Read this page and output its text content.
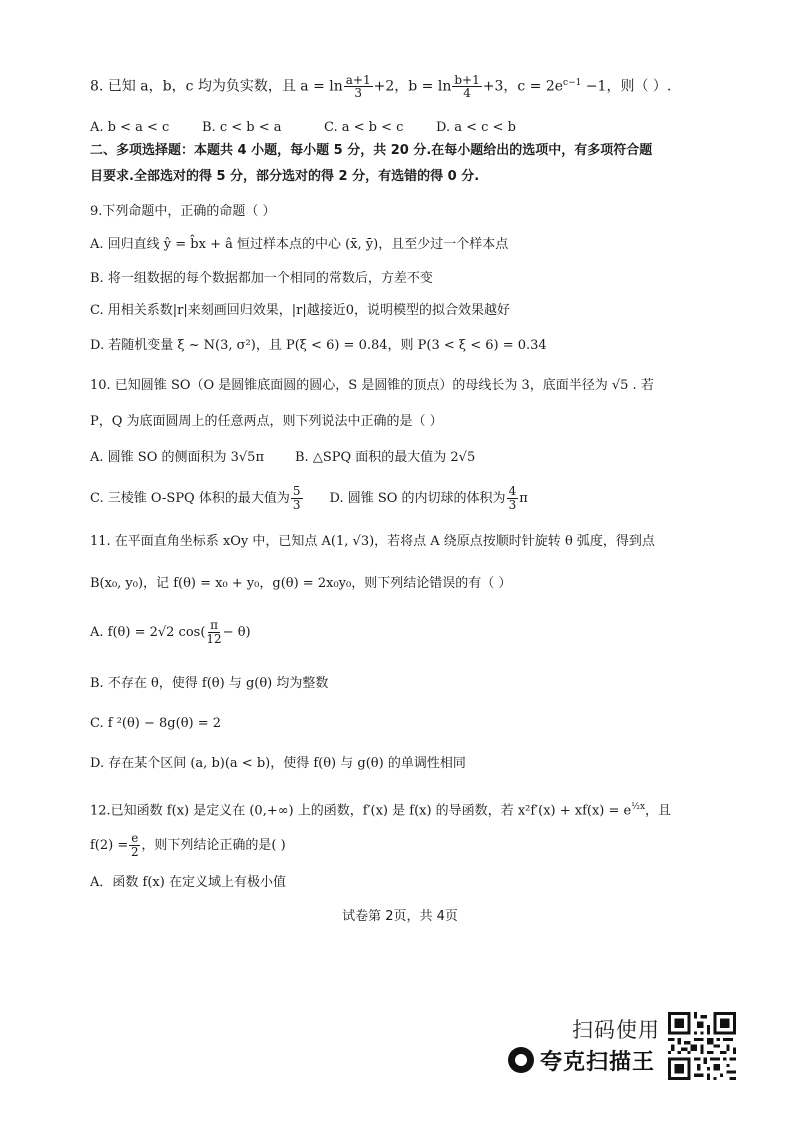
8. 已知 a，b，c 均为负实数，且 $a = \ln \frac{a+1}{3} +2$，$b = \ln \frac{b+1}{4} +3$，$c = 2e^{c-1} -1$，则（ ）.
A. b < a < c	B. c < b < a	C. a < b < c	D. a < c < b
二、多项选择题：本题共 4 小题，每小题 5 分，共 20 分.在每小题给出的选项中，有多项符合题
目要求.全部选对的得 5 分，部分选对的得 2 分，有选错的得 0 分.
9.下列命题中，正确的命题（ ）
A. 回归直线 ŷ = b̂x + â 恒过样本点的中心 (x̄, ȳ)，且至少过一个样本点
B. 将一组数据的每个数据都加一个相同的常数后，方差不变
C. 用相关系数|r|来刻画回归效果，|r|越接近0，说明模型的拟合效果越好
D. 若随机变量 ξ ~ N(3, σ²)，且 P(ξ < 6) = 0.84，则 P(3 < ξ < 6) = 0.34
10. 已知圆锥 SO（O 是圆锥底面圆的圆心，S 是圆锥的顶点）的母线长为 3，底面半径为 √5 . 若
P，Q 为底面圆周上的任意两点，则下列说法中正确的是（ ）
A. 圆锥 SO 的侧面积为 3√5π B. △SPQ 面积的最大值为 2√5
C. 三棱锥 O-SPQ 体积的最大值为 $\frac{5}{3} D$. 圆锥 SO 的内切球的体积为 $\frac{4}{3}$ π
11. 在平面直角坐标系 xOy 中，已知点 A(1, √3)，若将点 A 绕原点按顺时针旋转 θ 弧度，得到点
B(x₀, y₀)，记 f(θ) = x₀ + y₀，g(θ) = 2x₀y₀，则下列结论错误的有（ ）
A. f(θ) = 2√2 $\cos( \frac{\pi}{12} - \theta)$
B. 不存在 θ，使得 f(θ) 与 g(θ) 均为整数
C. f ²(θ) − 8g(θ) = 2
D. 存在某个区间 (a, b)(a < b)，使得 f(θ) 与 g(θ) 的单调性相同
12.已知函数 f(x) 是定义在 (0,+∞) 上的函数，f′(x) 是 f(x) 的导函数，若 $x^2f'(x) + xf(x) = e^{\frac{1}{2}x}$，且
$f(2) = \frac{e}{2}$ ，则下列结论正确的是( )
A．函数 f(x) 在定义域上有极小值
试卷第 2页，共 4页
扫码使用
夸克扫描王
